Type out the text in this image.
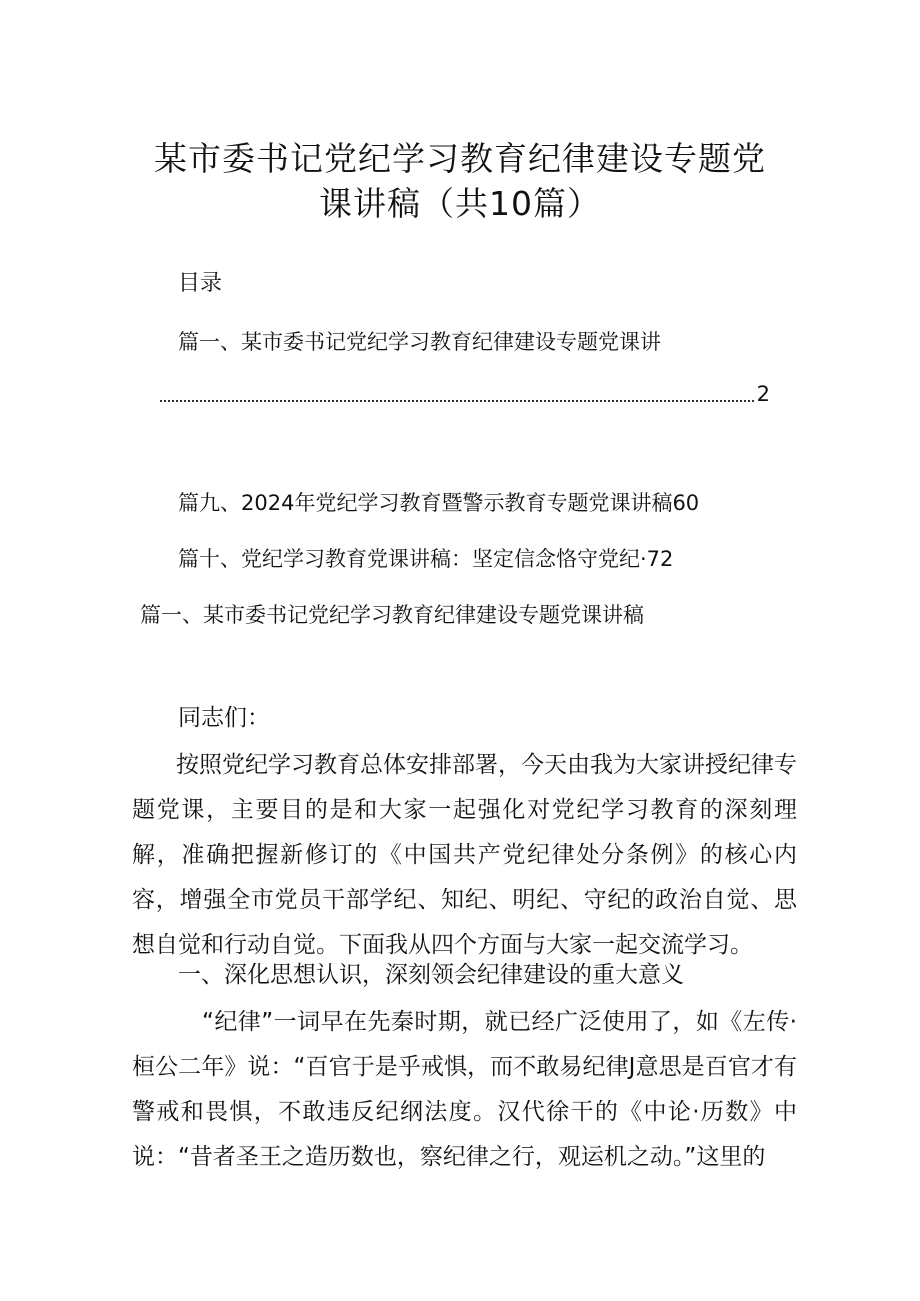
某市委书记党纪学习教育纪律建设专题党
课讲稿（共10篇）
目录
篇一、某市委书记党纪学习教育纪律建设专题党课讲
2
篇九、2024年党纪学习教育暨警示教育专题党课讲稿60
篇十、党纪学习教育党课讲稿：坚定信念恪守党纪·72
篇一、某市委书记党纪学习教育纪律建设专题党课讲稿
同志们：
按照党纪学习教育总体安排部署，今天由我为大家讲授纪律专题党课，主要目的是和大家一起强化对党纪学习教育的深刻理解，准确把握新修订的《中国共产党纪律处分条例》的核心内容，增强全市党员干部学纪、知纪、明纪、守纪的政治自觉、思想自觉和行动自觉。下面我从四个方面与大家一起交流学习。
一、深化思想认识，深刻领会纪律建设的重大意义
“纪律”一词早在先秦时期，就已经广泛使用了，如《左传·桓公二年》说：“百官于是乎戒惧，而不敢易纪律J意思是百官才有警戒和畏惧，不敢违反纪纲法度。汉代徐干的《中论·历数》中说：“昔者圣王之造历数也，察纪律之行，观运机之动。”这里的
